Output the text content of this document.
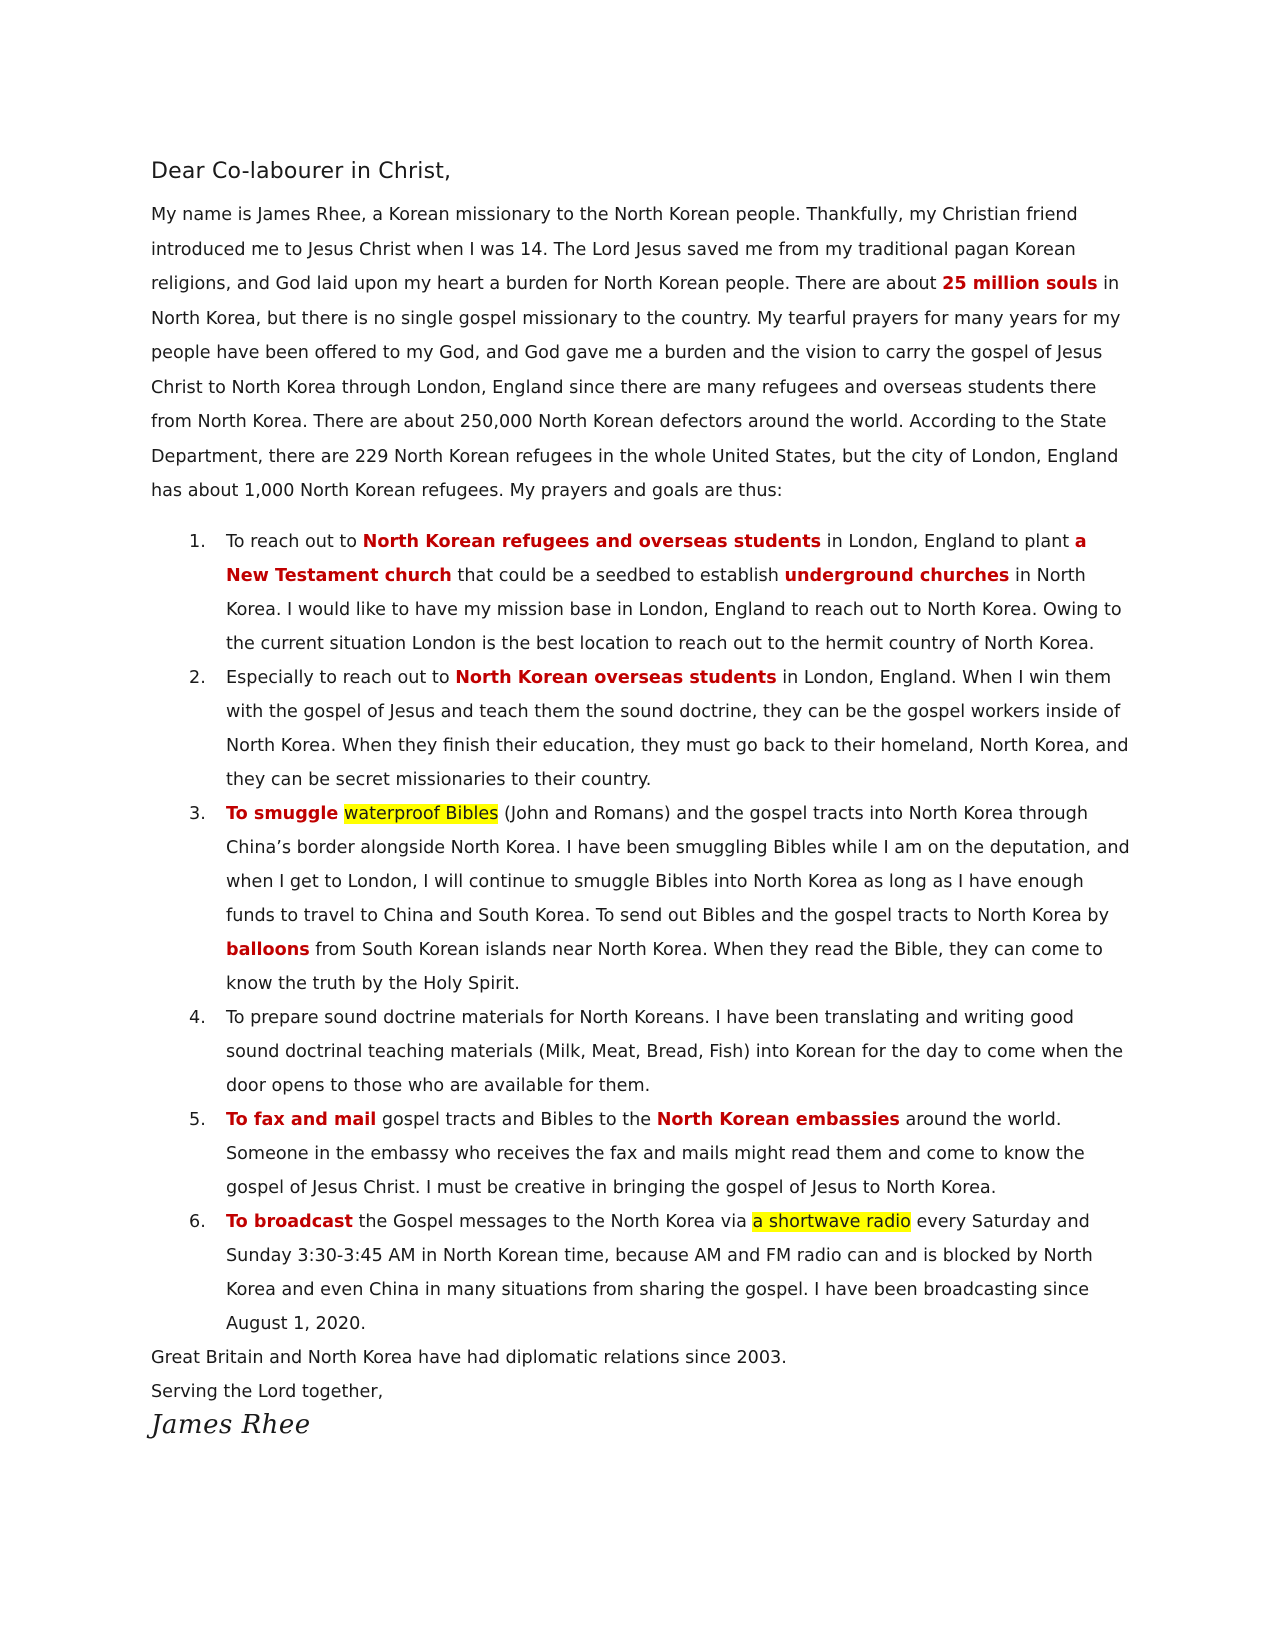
Dear Co-labourer in Christ,

My name is James Rhee, a Korean missionary to the North Korean people. Thankfully, my Christian friend introduced me to Jesus Christ when I was 14. The Lord Jesus saved me from my traditional pagan Korean religions, and God laid upon my heart a burden for North Korean people. There are about 25 million souls in North Korea, but there is no single gospel missionary to the country. My tearful prayers for many years for my people have been offered to my God, and God gave me a burden and the vision to carry the gospel of Jesus Christ to North Korea through London, England since there are many refugees and overseas students there from North Korea. There are about 250,000 North Korean defectors around the world. According to the State Department, there are 229 North Korean refugees in the whole United States, but the city of London, England has about 1,000 North Korean refugees. My prayers and goals are thus:

1. To reach out to North Korean refugees and overseas students in London, England to plant a New Testament church that could be a seedbed to establish underground churches in North Korea. I would like to have my mission base in London, England to reach out to North Korea. Owing to the current situation London is the best location to reach out to the hermit country of North Korea.
2. Especially to reach out to North Korean overseas students in London, England. When I win them with the gospel of Jesus and teach them the sound doctrine, they can be the gospel workers inside of North Korea. When they finish their education, they must go back to their homeland, North Korea, and they can be secret missionaries to their country.
3. To smuggle waterproof Bibles (John and Romans) and the gospel tracts into North Korea through China’s border alongside North Korea. I have been smuggling Bibles while I am on the deputation, and when I get to London, I will continue to smuggle Bibles into North Korea as long as I have enough funds to travel to China and South Korea. To send out Bibles and the gospel tracts to North Korea by balloons from South Korean islands near North Korea. When they read the Bible, they can come to know the truth by the Holy Spirit.
4. To prepare sound doctrine materials for North Koreans. I have been translating and writing good sound doctrinal teaching materials (Milk, Meat, Bread, Fish) into Korean for the day to come when the door opens to those who are available for them.
5. To fax and mail gospel tracts and Bibles to the North Korean embassies around the world. Someone in the embassy who receives the fax and mails might read them and come to know the gospel of Jesus Christ. I must be creative in bringing the gospel of Jesus to North Korea.
6. To broadcast the Gospel messages to the North Korea via a shortwave radio every Saturday and Sunday 3:30-3:45 AM in North Korean time, because AM and FM radio can and is blocked by North Korea and even China in many situations from sharing the gospel. I have been broadcasting since August 1, 2020.

Great Britain and North Korea have had diplomatic relations since 2003.

Serving the Lord together,

James Rhee
